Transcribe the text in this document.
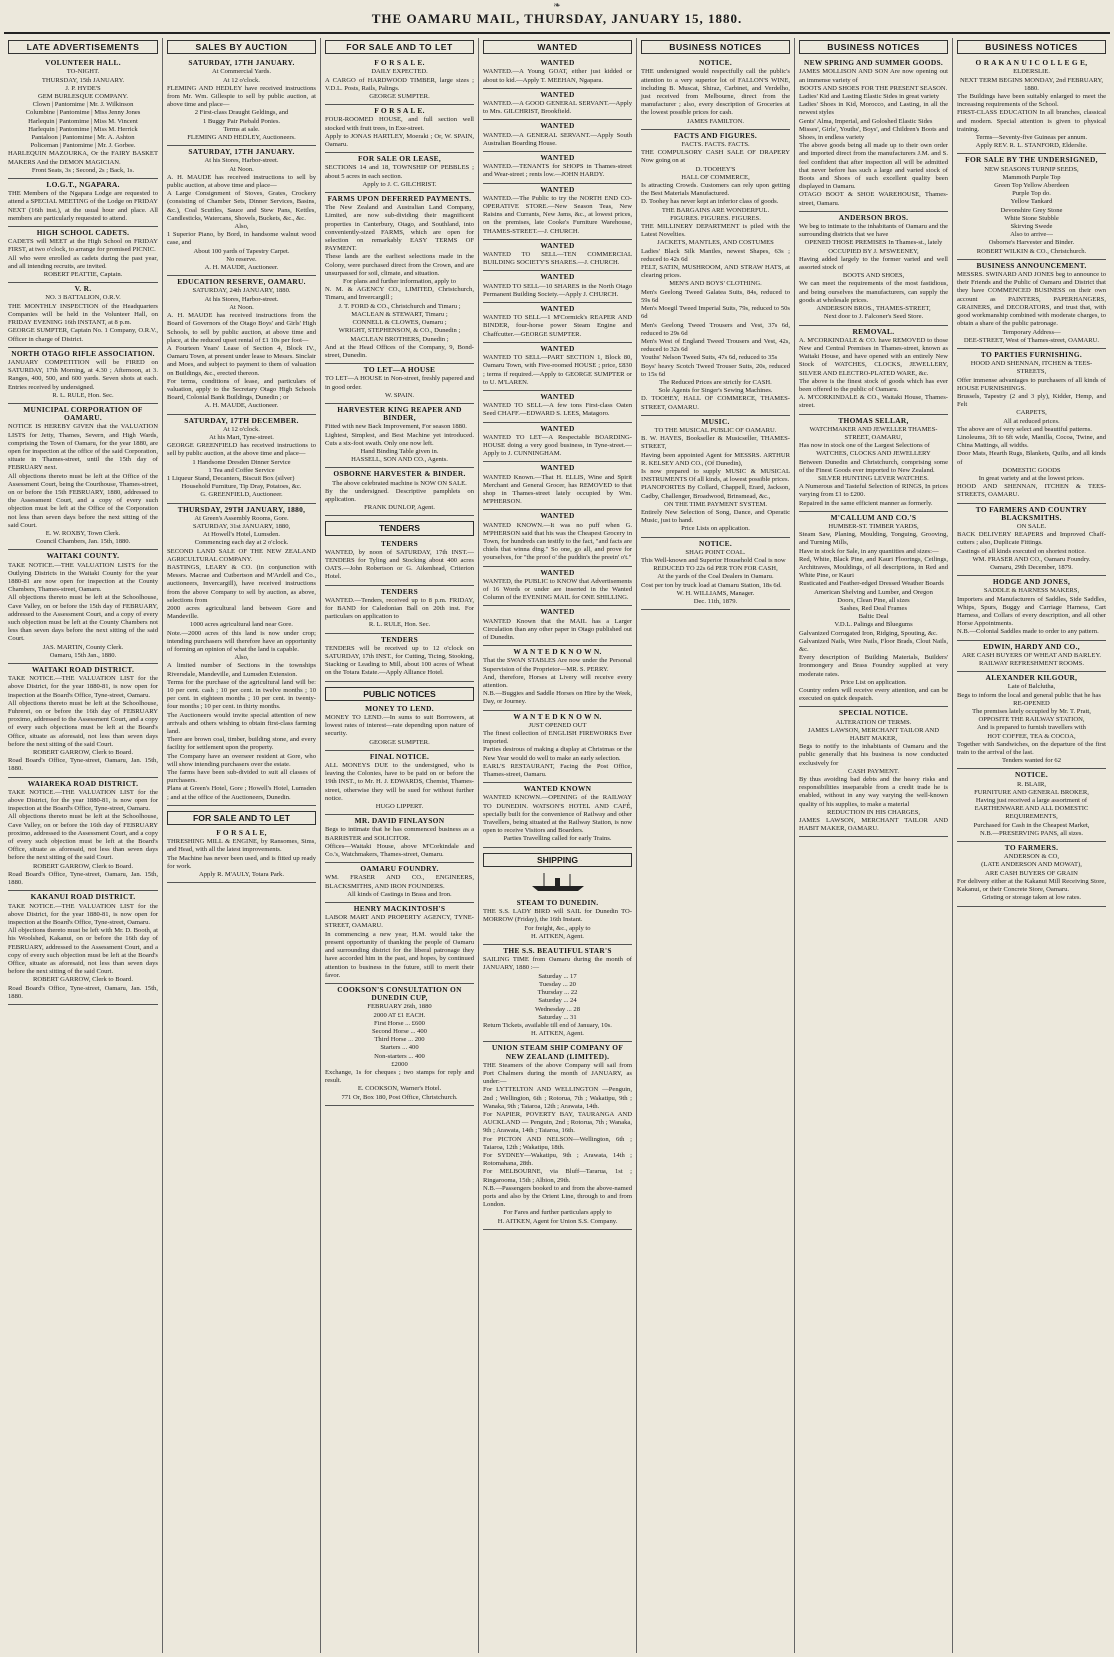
❧
THE OAMARU MAIL, THURSDAY, JANUARY 15, 1880.
LATE ADVERTISEMENTS
VOLUNTEER HALL.

TO-NIGHT.

THURSDAY, 15th JANUARY.

J. P. HYDE'S

GEM BURLESQUE COMPANY.

Clown | Pantomime | Mr. J. Wilkinson

Columbine | Pantomime | Miss Jenny Jones

Harlequin | Pantomime | Miss M. Vincent

Harlequin | Pantomime | Miss M. Herrick

Pantaloon | Pantomime | Mr. A. Ashton

Policeman | Pantomime | Mr. J. Gorbee.

HARLEQUIN MAZOURKA, Or the FAIRY BASKET MAKERS And the DEMON MAGICIAN.

Front Seats, 3s ; Second, 2s ; Back, 1s.

I.O.G.T., NGAPARA.

THE Members of the Ngapara Lodge are requested to attend a SPECIAL MEETING of the Lodge on FRIDAY NEXT (16th inst.), at the usual hour and place. All members are particularly requested to attend.

HIGH SCHOOL CADETS.

CADETS will MEET at the High School on FRIDAY FIRST, at two o'clock, to arrange for promised PICNIC.

All who were enrolled as cadets during the past year, and all intending recruits, are invited.

ROBERT PEATTIE, Captain.

V. R.

NO. 3 BATTALION, O.R.V.

THE MONTHLY INSPECTION of the Headquarters Companies will be held in the Volunteer Hall, on FRIDAY EVENING 16th INSTANT, at 8 p.m.

GEORGE SUMPTER, Captain No. 1 Company, O.R.V., Officer in charge of District.

NORTH OTAGO RIFLE ASSOCIATION.

JANUARY COMPETITION will be FIRED on SATURDAY, 17th Morning, at 4.30 ; Afternoon, at 3. Ranges, 400, 500, and 600 yards. Seven shots at each. Entries received by undersigned.

R. L. RULE, Hon. Sec.

MUNICIPAL CORPORATION OF OAMARU.

NOTICE IS HEREBY GIVEN that the VALUATION LISTS for Jetty, Thames, Severn, and High Wards, comprising the Town of Oamaru, for the year 1880, are open for inspection at the office of the said Corporation, situate in Thames-street, until the 15th day of FEBRUARY next.

All objections thereto must be left at the Office of the Assessment Court, being the Courthouse, Thames-street, on or before the 15th FEBRUARY, 1880, addressed to the Assessment Court, and a copy of every such objection must be left at the Office of the Corporation not less than seven days before the next sitting of the said Court.

E. W. ROXBY, Town Clerk.

Council Chambers, Jan. 15th, 1880.

WAITAKI COUNTY.

TAKE NOTICE.—THE VALUATION LISTS for the Outlying Districts in the Waitaki County for the year 1880-81 are now open for inspection at the County Chambers, Thames-street, Oamaru.

All objections thereto must be left at the Schoolhouse, Cave Valley, on or before the 15th day of FEBRUARY, addressed to the Assessment Court, and a copy of every such objection must be left at the County Chambers not less than seven days before the next sitting of the said Court.

JAS. MARTIN, County Clerk.

Oamaru, 15th Jan., 1880.

WAITAKI ROAD DISTRICT.

TAKE NOTICE.—THE VALUATION LIST for the above District, for the year 1880-81, is now open for inspection at the Board's Office, Tyne-street, Oamaru.

All objections thereto must be left at the Schoolhouse, Fuhrerei, on or before the 16th day of FEBRUARY proximo, addressed to the Assessment Court, and a copy of every such objections must be left at the Board's Office, situate as aforesaid, not less than seven days before the next sitting of the said Court.

ROBERT GARROW, Clerk to Board.

Road Board's Office, Tyne-street, Oamaru, Jan. 15th, 1880.

WAIAREKA ROAD DISTRICT.

TAKE NOTICE.—THE VALUATION LIST for the above District, for the year 1880-81, is now open for inspection at the Board's Office, Tyne-street, Oamaru.

All objections thereto must be left at the Schoolhouse, Cave Valley, on or before the 16th day of FEBRUARY proximo, addressed to the Assessment Court, and a copy of every such objection must be left at the Board's Office, situate as aforesaid, not less than seven days before the next sitting of the said Court.

ROBERT GARROW, Clerk to Board.

Road Board's Office, Tyne-street, Oamaru, Jan. 15th, 1880.

KAKANUI ROAD DISTRICT.

TAKE NOTICE.—THE VALUATION LIST for the above District, for the year 1880-81, is now open for inspection at the Board's Office, Tyne-street, Oamaru.

All objections thereto must be left with Mr. D. Booth, at his Woolshed, Kakanui, on or before the 16th day of FEBRUARY, addressed to the Assessment Court, and a copy of every such objection must be left at the Board's Office, situate as aforesaid, not less than seven days before the next sitting of the said Court.

ROBERT GARROW, Clerk to Board.

Road Board's Office, Tyne-street, Oamaru, Jan. 15th, 1880.

SALES BY AUCTION
SATURDAY, 17TH JANUARY.

At Commercial Yards.

At 12 o'clock.

FLEMING AND HEDLEY have received instructions from Mr. Wm. Gillespie to sell by public auction, at above time and place—

2 First-class Draught Geldings, and

1 Buggy Pair Piebald Ponies.

Terms at sale.

FLEMING AND HEDLEY, Auctioneers.

SATURDAY, 17TH JANUARY.

At his Stores, Harbor-street.

At Noon.

A. H. MAUDE has received instructions to sell by public auction, at above time and place—

A Large Consignment of Stoves, Grates, Crockery (consisting of Chamber Sets, Dinner Services, Basins, &c.), Coal Scuttles, Sauce and Stew Pans, Kettles, Candlesticks, Watercans, Shovels, Buckets, &c., &c.

Also,

1 Superior Piano, by Bord, in handsome walnut wood case, and

About 100 yards of Tapestry Carpet.

No reserve.

A. H. MAUDE, Auctioneer.

EDUCATION RESERVE, OAMARU.

SATURDAY, 24th JANUARY, 1880.

At his Stores, Harbor-street.

At Noon.

A. H. MAUDE has received instructions from the Board of Governors of the Otago Boys' and Girls' High Schools, to sell by public auction, at above time and place, at the reduced upset rental of £1 10s per foot—

A Fourteen Years' Lease of Section 4, Block IV., Oamaru Town, at present under lease to Messrs. Sinclair and Moes, and subject to payment to them of valuation on Buildings, &c., erected thereon.

For terms, conditions of lease, and particulars of valuation, apply to the Secretary Otago High Schools Board, Colonial Bank Buildings, Dunedin ; or

A. H. MAUDE, Auctioneer.

SATURDAY, 17TH DECEMBER.

At 12 o'clock.

At his Mart, Tyne-street.

GEORGE GREENFIELD has received instructions to sell by public auction, at the above time and place—

1 Handsome Dresden Dinner Service

1 Tea and Coffee Service

1 Liqueur Stand, Decanters, Biscuit Box (silver)

Household Furniture, Tip Dray, Potatoes, &c.

G. GREENFIELD, Auctioneer.

THURSDAY, 29TH JANUARY, 1880,

At Green's Assembly Rooms, Gore.

SATURDAY, 31st JANUARY, 1880,

At Howell's Hotel, Lumsden.

Commencing each day at 2 o'clock.

SECOND LAND SALE OF THE NEW ZEALAND AGRICULTURAL COMPANY.

BASTINGS, LEARY & CO. (in conjunction with Messrs. Macrae and Cutbertson and M'Ardell and Co., auctioneers, Invercargill), have received instructions from the above Company to sell by auction, as above, selections from

2000 acres agricultural land between Gore and Mandeville.

1000 acres agricultural land near Gore.

Note.—2000 acres of this land is now under crop; intending purchasers will therefore have an opportunity of forming an opinion of what the land is capable.

Also,

A limited number of Sections in the townships Riversdale, Mandeville, and Lumsden Extension.

Terms for the purchase of the agricultural land will be: 10 per cent. cash ; 10 per cent. in twelve months ; 10 per cent. in eighteen months ; 10 per cent. in twenty-four months ; 10 per cent. in thirty months.

The Auctioneers would invite special attention of new arrivals and others wishing to obtain first-class farming land.

There are brown coal, timber, building stone, and every facility for settlement upon the property.

The Company have an overseer resident at Gore, who will show intending purchasers over the estate.

The farms have been sub-divided to suit all classes of purchasers.

Plans at Green's Hotel, Gore ; Howell's Hotel, Lumsden ; and at the office of the Auctioneers, Dunedin.

FOR SALE AND TO LET
F O R S A L E,

THRESHING MILL & ENGINE, by Ransomes, Sims, and Head, with all the latest improvements.

The Machine has never been used, and is fitted up ready for work.

Apply R. M'AULY, Totara Park.

FOR SALE AND TO LET
F O R S A L E.

DAILY EXPECTED.

A CARGO of HARDWOOD TIMBER, large sizes ; V.D.L. Posts, Rails, Palings.

GEORGE SUMPTER.

F O R S A L E.

FOUR-ROOMED HOUSE, and full section well stocked with fruit trees, in Exe-street.

Apply to JONAS HARTLEY, Moeraki ; Or, W. SPAIN, Oamaru.

FOR SALE OR LEASE,

SECTIONS 14 and 18, TOWNSHIP OF PEBBLES ; about 5 acres in each section.

Apply to J. C. GILCHRIST.

FARMS UPON DEFERRED PAYMENTS.

The New Zealand and Australian Land Company, Limited, are now sub-dividing their magnificent properties in Canterbury, Otago, and Southland, into conveniently-sized FARMS, which are open for selection on remarkably EASY TERMS OF PAYMENT.

These lands are the earliest selections made in the Colony, were purchased direct from the Crown, and are unsurpassed for soil, climate, and situation.

For plans and further information, apply to

N. M. & AGENCY CO., LIMITED, Christchurch, Timaru, and Invercargill ;

J. T. FORD & CO., Christchurch and Timaru ;

MACLEAN & STEWART, Timaru ;

CONNELL & CLOWES, Oamaru ;

WRIGHT, STEPHENSON, & CO., Dunedin ;

MACLEAN BROTHERS, Dunedin ;

And at the Head Offices of the Company, 9, Bond-street, Dunedin.

TO LET—A HOUSE

TO LET—A HOUSE in Non-street, freshly papered and in good order.

W. SPAIN.

HARVESTER KING REAPER AND BINDER,

Fitted with new Back Improvement, For season 1880.

Lightest, Simplest, and Best Machine yet introduced. Cuts a six-foot swath. Only one now left.

Hand Binding Table given in.

HASSELL, SON AND CO., Agents.

OSBORNE HARVESTER & BINDER.

The above celebrated machine is NOW ON SALE.

By the undersigned. Descriptive pamphlets on application.

FRANK DUNLOP, Agent.

TENDERS
TENDERS

WANTED, by noon of SATURDAY, 17th INST.—TENDERS for Tyling and Stocking about 400 acres OATS.—John Robertson or G. Aikenhead, Criterion Hotel.

TENDERS

WANTED.—Tenders, received up to 8 p.m. FRIDAY, for BAND for Caledonian Ball on 20th inst. For particulars on application to

R. L. RULE, Hon. Sec.

TENDERS

TENDERS will be received up to 12 o'clock on SATURDAY, 17th INST., for Cutting, Ticing, Stooking, Stacking or Leading to Mill, about 100 acres of Wheat on the Totara Estate.—Apply Alliance Hotel.

PUBLIC NOTICES
MONEY TO LEND.

MONEY TO LEND.—In sums to suit Borrowers, at lowest rates of interest—rate depending upon nature of security.

GEORGE SUMPTER.

FINAL NOTICE.

ALL MONEYS DUE to the undersigned, who is leaving the Colonies, have to be paid on or before the 19th INST., to Mr. H. J. EDWARDS, Chemist, Thames-street, otherwise they will be sued for without further notice.

HUGO LIPPERT.

MR. DAVID FINLAYSON

Begs to intimate that he has commenced business as a BARRISTER and SOLICITOR.

Offices—Waitaki House, above M'Corkindale and Co.'s, Watchmakers, Thames-street, Oamaru.

OAMARU FOUNDRY.

WM. FRASER AND CO., ENGINEERS, BLACKSMITHS, AND IRON FOUNDERS.

All kinds of Castings in Brass and Iron.

HENRY MACKINTOSH'S

LABOR MART AND PROPERTY AGENCY, TYNE-STREET, OAMARU.

In commencing a new year, H.M. would take the present opportunity of thanking the people of Oamaru and surrounding district for the liberal patronage they have accorded him in the past, and hopes, by continued attention to business in the future, still to merit their favor.

COOKSON'S CONSULTATION ON DUNEDIN CUP,

FEBRUARY 26th, 1880

2000 AT £1 EACH.

First Horse ... £600

Second Horse ... 400

Third Horse ... 200

Starters ... 400

Non-starters ... 400

£2000

Exchange, 1s for cheques ; two stamps for reply and result.

E. COOKSON, Warner's Hotel.

771 Or, Box 180, Post Office, Christchurch.

WANTED
WANTED

WANTED.—A Young GOAT, either just kidded or about to kid.—Apply T. MEEHAN, Ngapara.

WANTED

WANTED.—A GOOD GENERAL SERVANT.—Apply to Mrs. GILCHRIST, Brookfield.

WANTED

WANTED.—A GENERAL SERVANT.—Apply South Australian Boarding House.

WANTED

WANTED.—TENANTS for SHOPS in Thames-street and Wear-street ; rents low.—JOHN HARDY.

WANTED

WANTED.—The Public to try the NORTH END CO-OPERATIVE STORE.—New Season Teas, New Raisins and Currants, New Jams, &c., at lowest prices, on the premises, late Cooke's Furniture Warehouse, THAMES-STREET.—J. CHURCH.

WANTED

WANTED TO SELL—TEN COMMERCIAL BUILDING SOCIETY'S SHARES.—J. CHURCH.

WANTED

WANTED TO SELL—10 SHARES in the North Otago Permanent Building Society.—Apply J. CHURCH.

WANTED

WANTED TO SELL—1 M'Cormick's REAPER AND BINDER, four-horse power Steam Engine and Chaffcutter.—GEORGE SUMPTER.

WANTED

WANTED TO SELL—PART SECTION 1, Block 80, Oamaru Town, with Five-roomed HOUSE ; price, £830 ; terms if required.—Apply to GEORGE SUMPTER or to U. M'LAREN.

WANTED

WANTED TO SELL—A few tons First-class Oaten Seed CHAFF.—EDWARD S. LEES, Matagoro.

WANTED

WANTED TO LET—A Respectable BOARDING-HOUSE doing a very good business, in Tyne-street.—Apply to J. CUNNINGHAM.

WANTED

WANTED Known.—That H. ELLIS, Wine and Spirit Merchant and General Grocer, has REMOVED to that shop in Thames-street lately occupied by Wm. M'PHERSON.

WANTED

WANTED KNOWN.—It was no puff when G. M'PHERSON said that his was the Cheapest Grocery in Town, for hundreds can testify to the fact, "and facts are chiels that winna ding." So one, go all, and prove for yourselves, for "the proof o' the puddin's the preein' o't."

WANTED

WANTED, the PUBLIC to KNOW that Advertisements of 16 Words or under are inserted in the Wanted Column of the EVENING MAIL for ONE SHILLING.

WANTED

WANTED Known that the MAIL has a Larger Circulation than any other paper in Otago published out of Dunedin.

W A N T E D K N O W N.

That the SWAN STABLES Are now under the Personal Supervision of the Proprietor—MR. S. PERRY.

And, therefore, Horses at Livery will receive every attention.

N.B.—Buggies and Saddle Horses on Hire by the Week, Day, or Journey.

W A N T E D K N O W N.

JUST OPENED OUT

The finest collection of ENGLISH FIREWORKS Ever imported.

Parties desirous of making a display at Christmas or the New Year would do well to make an early selection.

EARL'S RESTAURANT, Facing the Post Office, Thames-street, Oamaru.

WANTED KNOWN

WANTED KNOWN.—OPENING of the RAILWAY TO DUNEDIN. WATSON'S HOTEL AND CAFÉ, specially built for the convenience of Railway and other Travellers, being situated at the Railway Station, is now open to receive Visitors and Boarders.

Parties Travelling called for early Trains.

SHIPPING
STEAM TO DUNEDIN.

THE S.S. LADY BIRD will SAIL for Dunedin TO-MORROW (Friday), the 16th Instant.

For freight, &c., apply to

H. AITKEN, Agent.

THE S.S. BEAUTIFUL STAR'S

SAILING TIME from Oamaru during the month of JANUARY, 1880 :—

Saturday ... 17

Tuesday ... 20

Thursday ... 22

Saturday ... 24

Wednesday ... 28

Saturday ... 31

Return Tickets, available till end of January, 10s.

H. AITKEN, Agent.

UNION STEAM SHIP COMPANY OF NEW ZEALAND (LIMITED).

THE Steamers of the above Company will sail from Port Chalmers during the month of JANUARY, as under:—

For LYTTELTON AND WELLINGTON —Penguin, 2nd ; Wellington, 6th ; Rotorua, 7th ; Wakatipu, 9th ; Wanaka, 9th ; Taiaroa, 12th ; Arawata, 14th.

For NAPIER, POVERTY BAY, TAURANGA AND AUCKLAND — Penguin, 2nd ; Rotorua, 7th ; Wanaka, 9th ; Arawata, 14th ; Taiaroa, 16th.

For PICTON AND NELSON—Wellington, 6th ; Taiaroa, 12th ; Wakatipu, 18th.

For SYDNEY—Wakatipu, 9th ; Arawata, 14th ; Rotomahana, 28th.

For MELBOURNE, via Bluff—Tararua, 1st ; Ringarooma, 15th ; Albion, 29th.

N.B.—Passengers booked to and from the above-named ports and also by the Orient Line, through to and from London.

For Fares and further particulars apply to

H. AITKEN, Agent for Union S.S. Company.

BUSINESS NOTICES
NOTICE.

THE undersigned would respectfully call the public's attention to a very superior lot of FALLON'S WINE, including B. Muscat, Shiraz, Carbinet, and Verdelho, just received from Melbourne, direct from the manufacturer ; also, every description of Groceries at the lowest possible prices for cash.

JAMES FAMILTON.

FACTS AND FIGURES.

FACTS. FACTS. FACTS.

THE COMPULSORY CASH SALE OF DRAPERY Now going on at

D. TOOHEY'S

HALL OF COMMERCE,

Is attracting Crowds. Customers can rely upon getting the Best Materials Manufactured.

D. Toohey has never kept an inferior class of goods.

THE BARGAINS ARE WONDERFUL.

FIGURES. FIGURES. FIGURES.

THE MILLINERY DEPARTMENT is piled with the Latest Novelties.

JACKETS, MANTLES, AND COSTUMES

Ladies' Black Silk Mantles, newest Shapes, 63s ; reduced to 42s 6d

FELT, SATIN, MUSHROOM, AND STRAW HATS, at clearing prices.

MEN'S AND BOYS' CLOTHING.

Men's Geelong Tweed Galatea Suits, 84s, reduced to 59s 6d

Men's Moegil Tweed Imperial Suits, 79s, reduced to 50s 6d

Men's Geelong Tweed Trousers and Vest, 37s 6d, reduced to 29s 6d

Men's West of England Tweed Trousers and Vest, 42s, reduced to 32s 6d

Youths' Nelson Tweed Suits, 47s 6d, reduced to 35s

Boys' heavy Scotch Tweed Trouser Suits, 20s, reduced to 15s 6d

The Reduced Prices are strictly for CASH.

Sole Agents for Singer's Sewing Machines.

D. TOOHEY, HALL OF COMMERCE, THAMES-STREET, OAMARU.

MUSIC.

TO THE MUSICAL PUBLIC OF OAMARU.

B. W. HAYES, Bookseller & Musicseller, THAMES-STREET,

Having been appointed Agent for MESSRS. ARTHUR R. KELSEY AND CO., (Of Dunedin),

Is now prepared to supply MUSIC & MUSICAL INSTRUMENTS Of all kinds, at lowest possible prices.

PIANOFORTES By Collard, Chappell, Erard, Jackson, Cadby, Challenger, Broadwood, Brinsmead, &c.,

ON THE TIME PAYMENT SYSTEM.

Entirely New Selection of Song, Dance, and Operatic Music, just to hand.

Price Lists on application.

NOTICE.

SHAG POINT COAL.

This Well-known and Superior Household Coal is now

REDUCED TO 22s 6d PER TON FOR CASH,

At the yards of the Coal Dealers in Oamaru.

Cost per ton by truck load at Oamaru Station, 18s 6d.

W. H. WILLIAMS, Manager.

Dec. 11th, 1879.

BUSINESS NOTICES
NEW SPRING AND SUMMER GOODS.

JAMES MOLLISON AND SON Are now opening out an immense variety of

BOOTS AND SHOES FOR THE PRESENT SEASON.

Ladies' Kid and Lasting Elastic Sides in great variety

Ladies' Shoes in Kid, Morocco, and Lasting, in all the newest styles

Gents' Alma, Imperial, and Goloshed Elastic Sides

Misses', Girls', Youths', Boys', and Children's Boots and Shoes, in endless variety

The above goods being all made up to their own order and imported direct from the manufacturers J.M. and S. feel confident that after inspection all will be admitted that never before has such a large and varied stock of Boots and Shoes of such excellent quality been displayed in Oamaru.

OTAGO BOOT & SHOE WAREHOUSE, Thames-street, Oamaru.

ANDERSON BROS.

We beg to intimate to the inhabitants of Oamaru and the surrounding districts that we have

OPENED THOSE PREMISES In Thames-st., lately

OCCUPIED BY J. M'SWEENEY,

Having added largely to the former varied and well assorted stock of

BOOTS AND SHOES,

We can meet the requirements of the most fastidious, and being ourselves the manufacturers, can supply the goods at wholesale prices.

ANDERSON BROS., THAMES-STREET,

Next door to J. Falconer's Seed Store.

REMOVAL.

A. M'CORKINDALE & CO. have REMOVED to those New and Central Premises in Thames-street, known as Waitaki House, and have opened with an entirely New Stock of WATCHES, CLOCKS, JEWELLERY, SILVER AND ELECTRO-PLATED WARE, &c.

The above is the finest stock of goods which has ever been offered to the public of Oamaru.

A. M'CORKINDALE & CO., Waitaki House, Thames-street.

THOMAS SELLAR,

WATCHMAKER AND JEWELLER THAMES-STREET, OAMARU,

Has now in stock one of the Largest Selections of

WATCHES, CLOCKS AND JEWELLERY

Between Dunedin and Christchurch, comprising some of the Finest Goods ever imported to New Zealand.

SILVER HUNTING LEVER WATCHES.

A Numerous and Tasteful Selection of RINGS, In prices varying from £1 to £200.

Repaired in the same efficient manner as formerly.

M'CALLUM AND CO.'S

HUMBER-ST. TIMBER YARDS,

Steam Saw, Planing, Moulding, Tonguing, Grooving, and Turning Mills,

Have in stock for Sale, in any quantities and sizes:—

Red, White, Black Pine, and Kauri Floorings, Ceilings, Architraves, Mouldings, of all descriptions, in Red and White Pine, or Kauri

Rusticated and Feather-edged Dressed Weather Boards

American Shelving and Lumber, and Oregon

Doors, Clean Pine, all sizes

Sashes, Red Deal Frames

Baltic Deal

V.D.L. Palings and Bluegums

Galvanized Corrugated Iron, Ridging, Spouting, &c.

Galvanized Nails, Wire Nails, Floor Brads, Clout Nails, &c.

Every description of Building Materials, Builders' Ironmongery and Brass Foundry supplied at very moderate rates.

Price List on application.

Country orders will receive every attention, and can be executed on quick despatch.

SPECIAL NOTICE.

ALTERATION OF TERMS.

JAMES LAWSON, MERCHANT TAILOR AND HABIT MAKER,

Begs to notify to the inhabitants of Oamaru and the public generally that his business is now conducted exclusively for

CASH PAYMENT.

By thus avoiding bad debts and the heavy risks and responsibilities inseparable from a credit trade he is enabled, without in any way varying the well-known quality of his supplies, to make a material

REDUCTION IN HIS CHARGES,

JAMES LAWSON, MERCHANT TAILOR AND HABIT MAKER, OAMARU.

BUSINESS NOTICES
O R A K A N U I C O L L E G E,

ELDERSLIE.

NEXT TERM BEGINS MONDAY, 2nd FEBRUARY, 1880.

The Buildings have been suitably enlarged to meet the increasing requirements of the School.

FIRST-CLASS EDUCATION In all branches, classical and modern. Special attention is given to physical training.

Terms—Seventy-five Guineas per annum.

Apply REV. R. L. STANFORD, Elderslie.

FOR SALE BY THE UNDERSIGNED,

NEW SEASONS TURNIP SEEDS,

Mammoth Purple Top

Green Top Yellow Aberdeen

Purple Top do.

Yellow Tankard

Devonshire Grey Stone

White Stone Stubble

Skirving Swede

Also to arrive—

Osborne's Harvester and Binder.

ROBERT WILKIN & CO., Christchurch.

BUSINESS ANNOUNCEMENT.

MESSRS. SWINARD AND JONES beg to announce to their Friends and the Public of Oamaru and District that they have COMMENCED BUSINESS on their own account as PAINTERS, PAPERHANGERS, GRAINERS, and DECORATORS, and trust that, with good workmanship combined with moderate charges, to obtain a share of the public patronage.

Temporary Address—

DEE-STREET, West of Thames-street, OAMARU.

TO PARTIES FURNISHING.

HOOD AND SHENNAN, ITCHEN & TEES-STREETS,

Offer immense advantages to purchasers of all kinds of HOUSE FURNISHINGS.

Brussels, Tapestry (2 and 3 ply), Kidder, Hemp, and Felt

CARPETS,

All at reduced prices.

The above are of very select and beautiful patterns.

Linoleums, 3ft to 6ft wide, Manilla, Cocoa, Twine, and China Mattings, all widths.

Door Mats, Hearth Rugs, Blankets, Quilts, and all kinds of

DOMESTIC GOODS

In great variety and at the lowest prices.

HOOD AND SHENNAN, ITCHEN & TEES-STREETS, OAMARU.

TO FARMERS AND COUNTRY BLACKSMITHS.

ON SALE.

BACK DELIVERY REAPERS and Improved Chaff-cutters ; also, Duplicate Fittings.

Castings of all kinds executed on shortest notice.

WM. FRASER AND CO., Oamaru Foundry.

Oamaru, 29th December, 1879.

HODGE AND JONES,

SADDLE & HARNESS MAKERS,

Importers and Manufacturers of Saddles, Side Saddles, Whips, Spurs, Buggy and Carriage Harness, Cart Harness, and Collars of every description, and all other Horse Appointments.

N.B.—Colonial Saddles made to order to any pattern.

EDWIN, HARDY AND CO.,

ARE CASH BUYERS OF WHEAT AND BARLEY.

RAILWAY REFRESHMENT ROOMS.

ALEXANDER KILGOUR,

Late of Balclutha,

Begs to inform the local and general public that he has

RE-OPENED

The premises lately occupied by Mr. T. Pratt,

OPPOSITE THE RAILWAY STATION,

And is prepared to furnish travellers with

HOT COFFEE, TEA & COCOA,

Together with Sandwiches, on the departure of the first train to the arrival of the last.

Tenders wanted for 62

NOTICE.

R. BLAIR,

FURNITURE AND GENERAL BROKER,

Having just received a large assortment of

EARTHENWARE AND ALL DOMESTIC REQUIREMENTS,

Purchased for Cash in the Cheapest Market,

N.B.—PRESERVING PANS, all sizes.

TO FARMERS.

ANDERSON & CO,

(LATE ANDERSON AND MOWAT),

ARE CASH BUYERS OF GRAIN

For delivery either at the Kakanui Mill Receiving Store, Kakanui, or their Concrete Store, Oamaru.

Gristing or storage taken at low rates.
